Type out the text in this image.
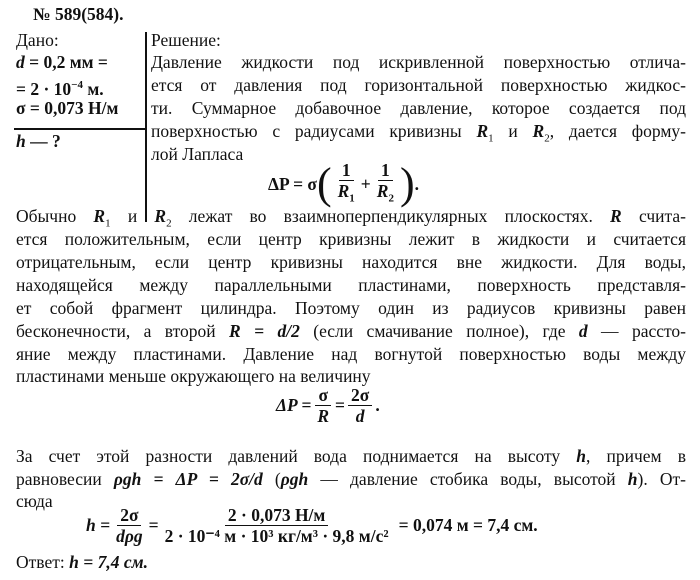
№ 589(584).
Дано:
d = 0,2 мм =
= $2 \cdot 10^{-4}$ м.
σ = 0,073 Н/м
h — ?
Решение:
Давление жидкости под искривленной поверхностью отлича-
ется от давления под горизонтальной поверхностью жидкос-
ти. Суммарное добавочное давление, которое создается под
поверхностью с радиусами кривизны $R_1$ и $R_2$, дается форму-
лой Лапласа
ΔP = σ ( $\frac{1}{R_1} + \frac{1}{R_2}$ ) .
Обычно $R_1$ и $R_2$ лежат во взаимноперпендикулярных плоскостях. R счита-
ется положительным, если центр кривизны лежит в жидкости и считается
отрицательным, если центр кривизны находится вне жидкости. Для воды,
находящейся между параллельными пластинами, поверхность представля-
ет собой фрагмент цилиндра. Поэтому один из радиусов кривизны равен
бесконечности, а второй R = d/2 (если смачивание полное), где d — рассто-
яние между пластинами. Давление над вогнутой поверхностью воды между
пластинами меньше окружающего на величину
$\Delta P = \frac{\sigma}{R} = \frac{2\sigma}{d}$ .
За счет этой разности давлений вода поднимается на высоту h, причем в
равновесии ρgh = ΔP = 2σ/d (ρgh — давление стобика воды, высотой h). От-
сюда
$h = \frac{2\sigma}{\text{dρg}} = \frac{2 \cdot 0,073 Н/м}{\text{2 · 10⁻⁴ м · 10³ кг/м³ · 9,8 м/с²}} = 0,074$ м = 7,4 см.
Ответ: h = 7,4 см.
